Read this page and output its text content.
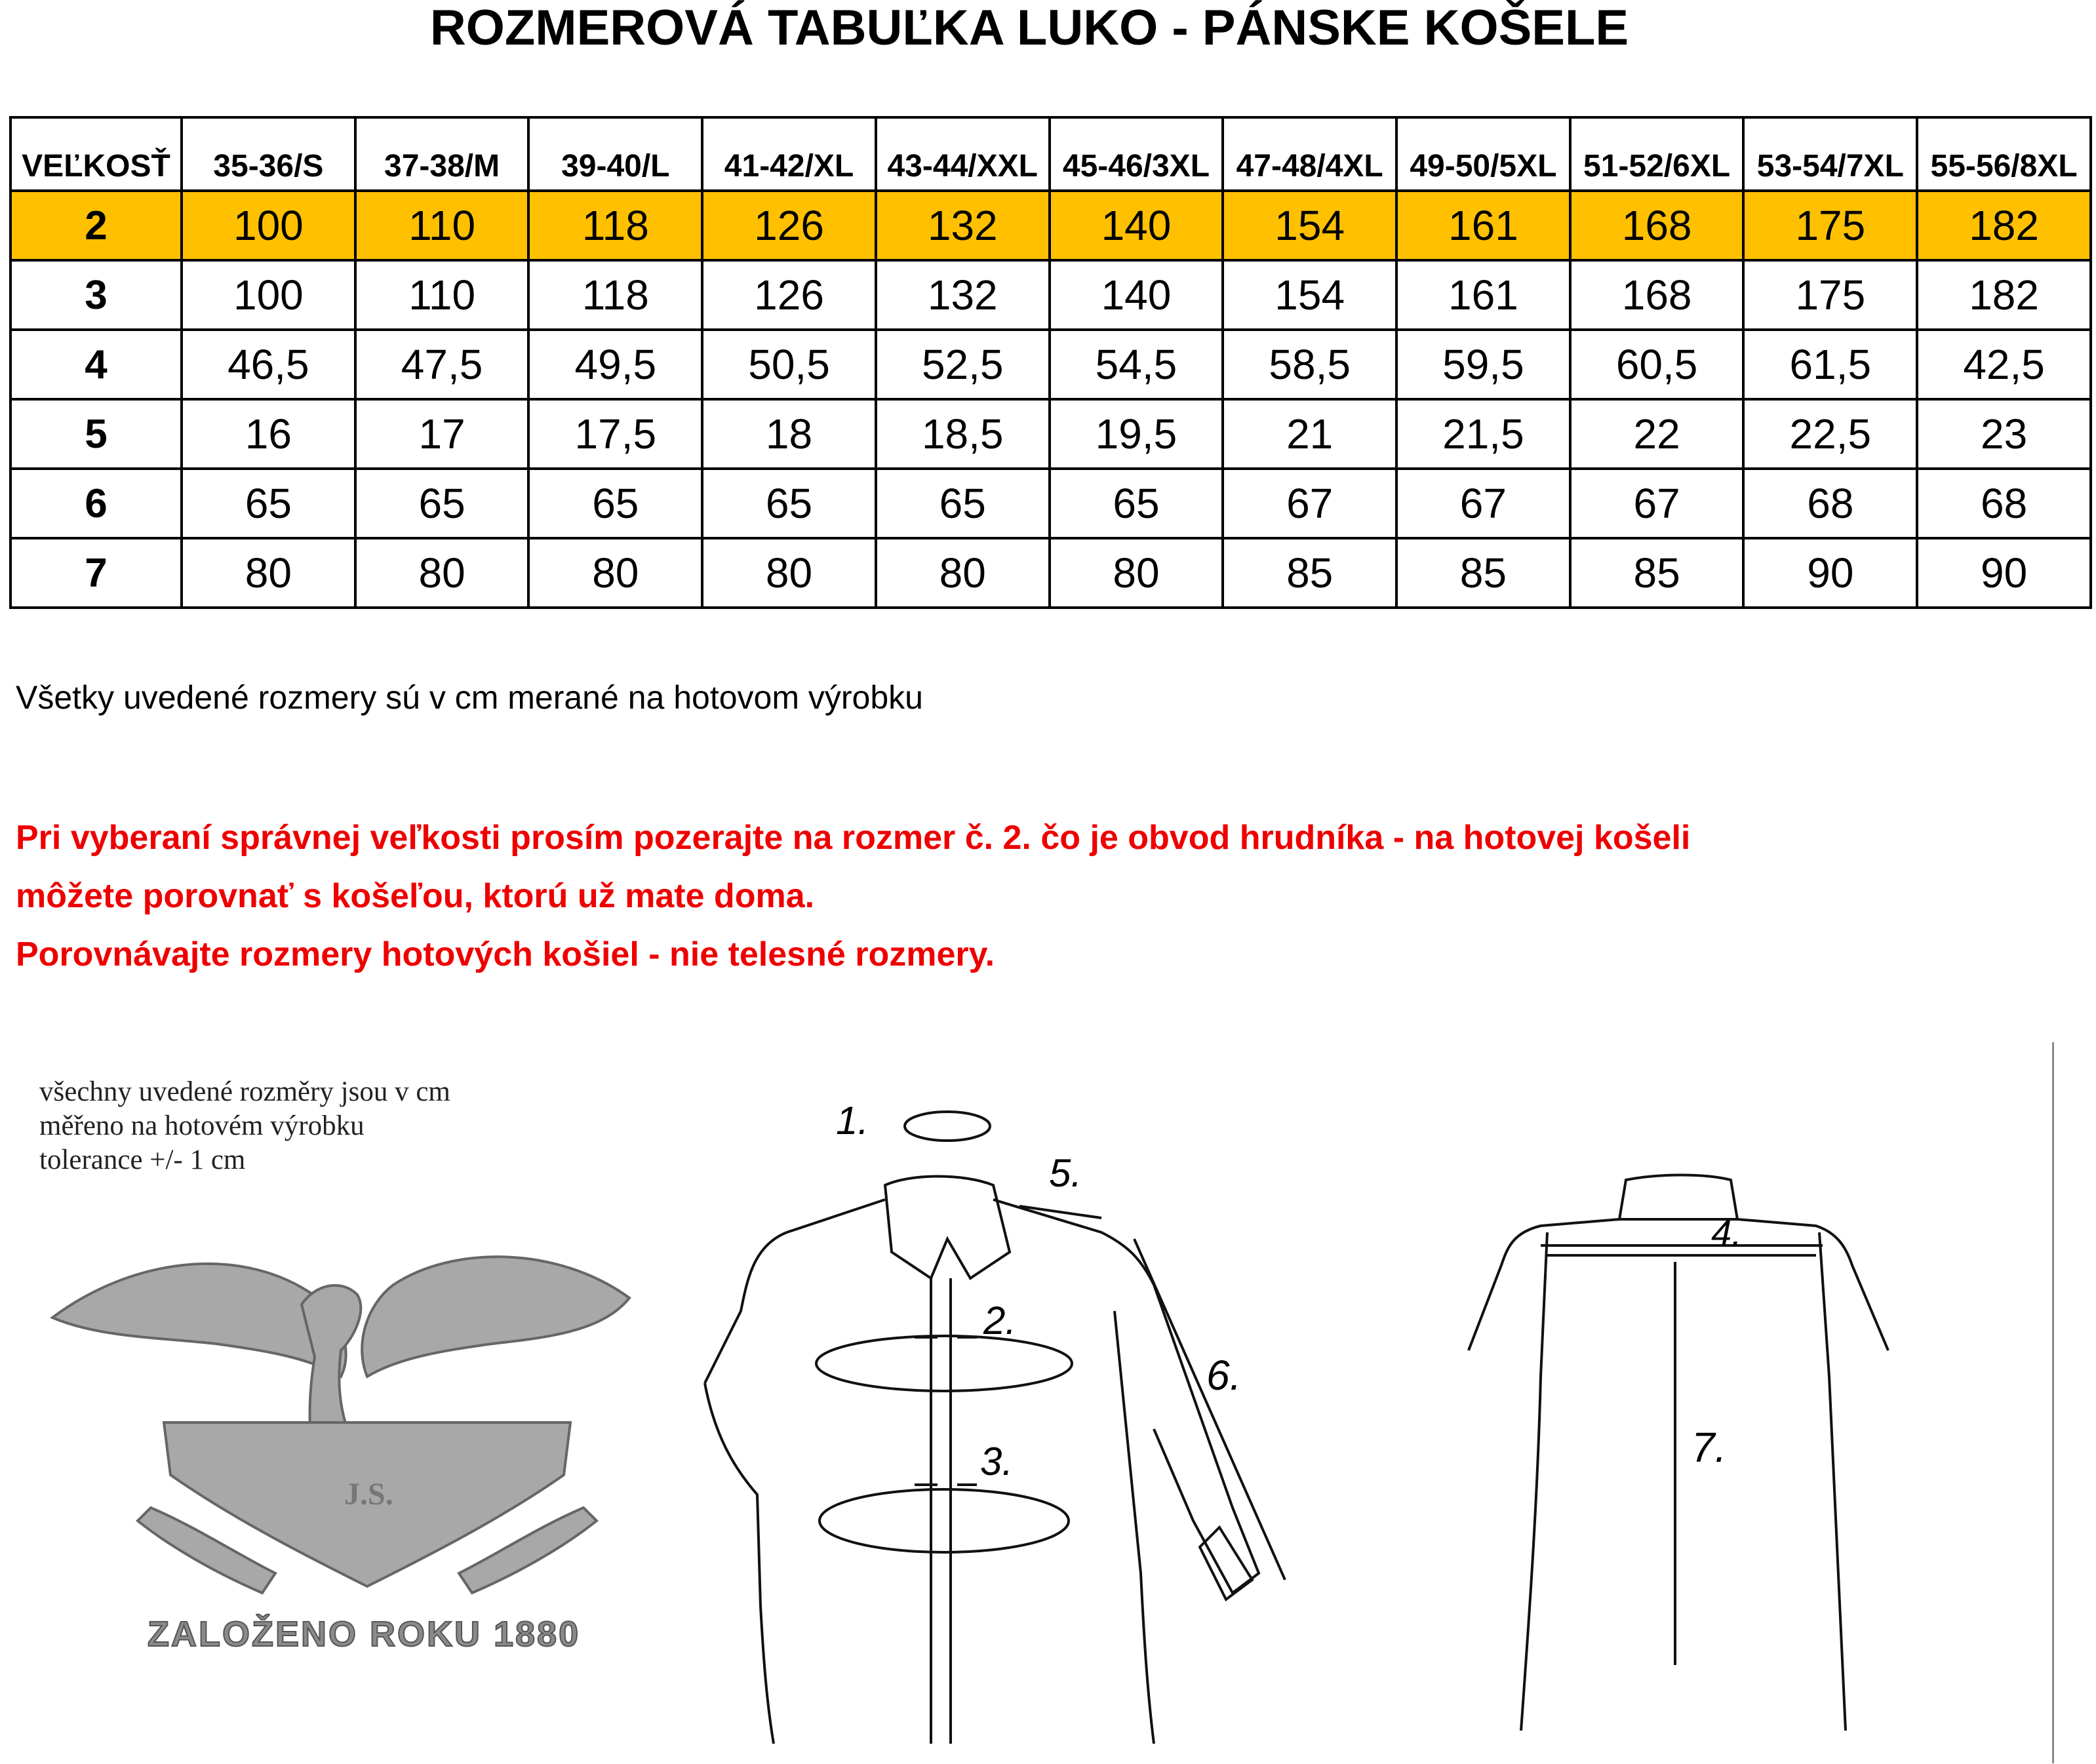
ROZMEROVÁ TABUĽKA LUKO - PÁNSKE KOŠELE
VEĽKOSŤ	35-36/S	37-38/M	39-40/L	41-42/XL	43-44/XXL	45-46/3XL	47-48/4XL	49-50/5XL	51-52/6XL	53-54/7XL	55-56/8XL
2	100	110	118	126	132	140	154	161	168	175	182
3	100	110	118	126	132	140	154	161	168	175	182
4	46,5	47,5	49,5	50,5	52,5	54,5	58,5	59,5	60,5	61,5	42,5
5	16	17	17,5	18	18,5	19,5	21	21,5	22	22,5	23
6	65	65	65	65	65	65	67	67	67	68	68
7	80	80	80	80	80	80	85	85	85	90	90
Všetky uvedené rozmery sú v cm merané na hotovom výrobku
Pri vyberaní správnej veľkosti prosím pozerajte na rozmer č. 2. čo je obvod hrudníka - na hotovej košeli
môžete porovnať s košeľou, ktorú už mate doma.
Porovnávajte rozmery hotových košiel - nie telesné rozmery.
všechny uvedené rozměry jsou v cm
měřeno na hotovém výrobku
tolerance +/- 1 cm
J.S.
1.
2.
3.
5.
6.
4.
7.
ZALOŽENO ROKU 1880
